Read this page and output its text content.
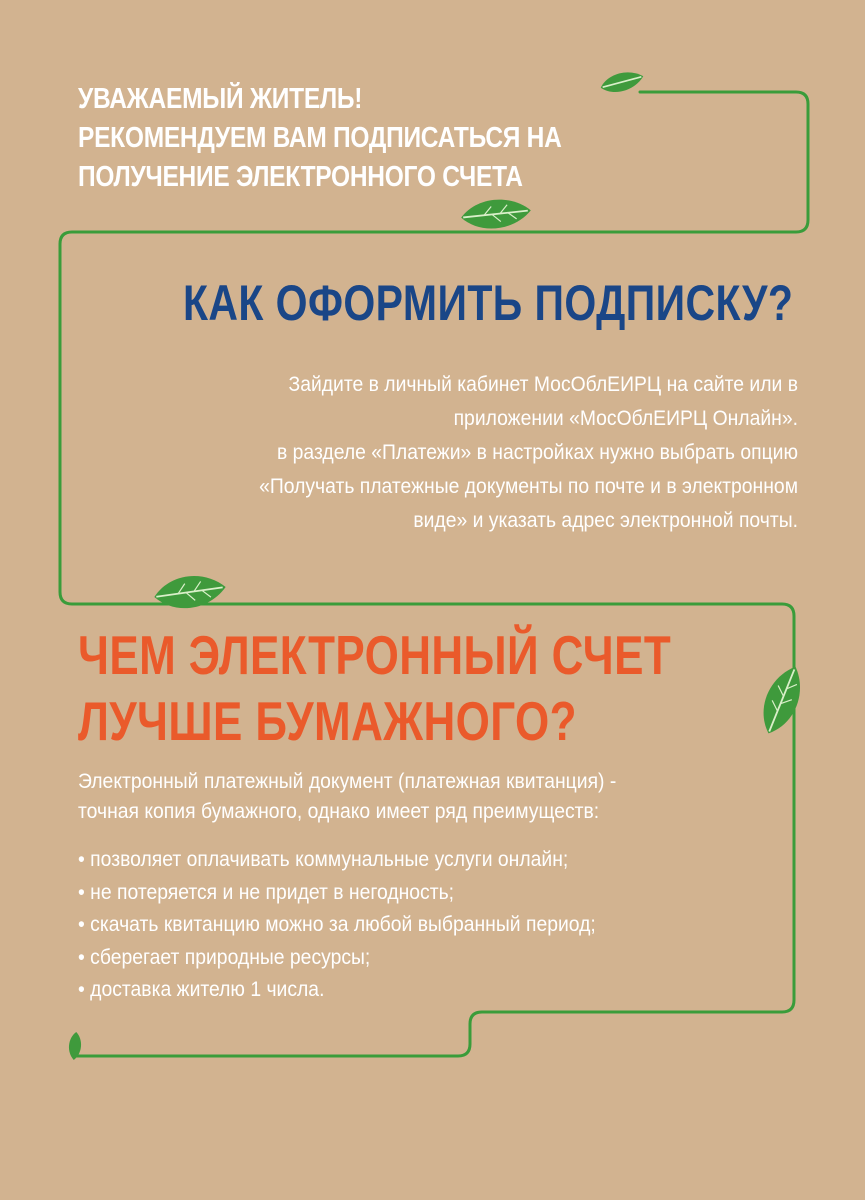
УВАЖАЕМЫЙ ЖИТЕЛЬ!
РЕКОМЕНДУЕМ ВАМ ПОДПИСАТЬСЯ НА
ПОЛУЧЕНИЕ ЭЛЕКТРОННОГО СЧЕТА
КАК ОФОРМИТЬ ПОДПИСКУ?

Зайдите в личный кабинет МосОблЕИРЦ на сайте или в
приложении «МосОблЕИРЦ Онлайн».
в разделе «Платежи» в настройках нужно выбрать опцию
«Получать платежные документы по почте и в электронном
виде» и указать адрес электронной почты.

ЧЕМ ЭЛЕКТРОННЫЙ СЧЕТ
ЛУЧШЕ БУМАЖНОГО?

Электронный платежный документ (платежная квитанция) -
точная копия бумажного, однако имеет ряд преимуществ:

• позволяет оплачивать коммунальные услуги онлайн;
• не потеряется и не придет в негодность;
• скачать квитанцию можно за любой выбранный период;
• сберегает природные ресурсы;
• доставка жителю 1 числа.
